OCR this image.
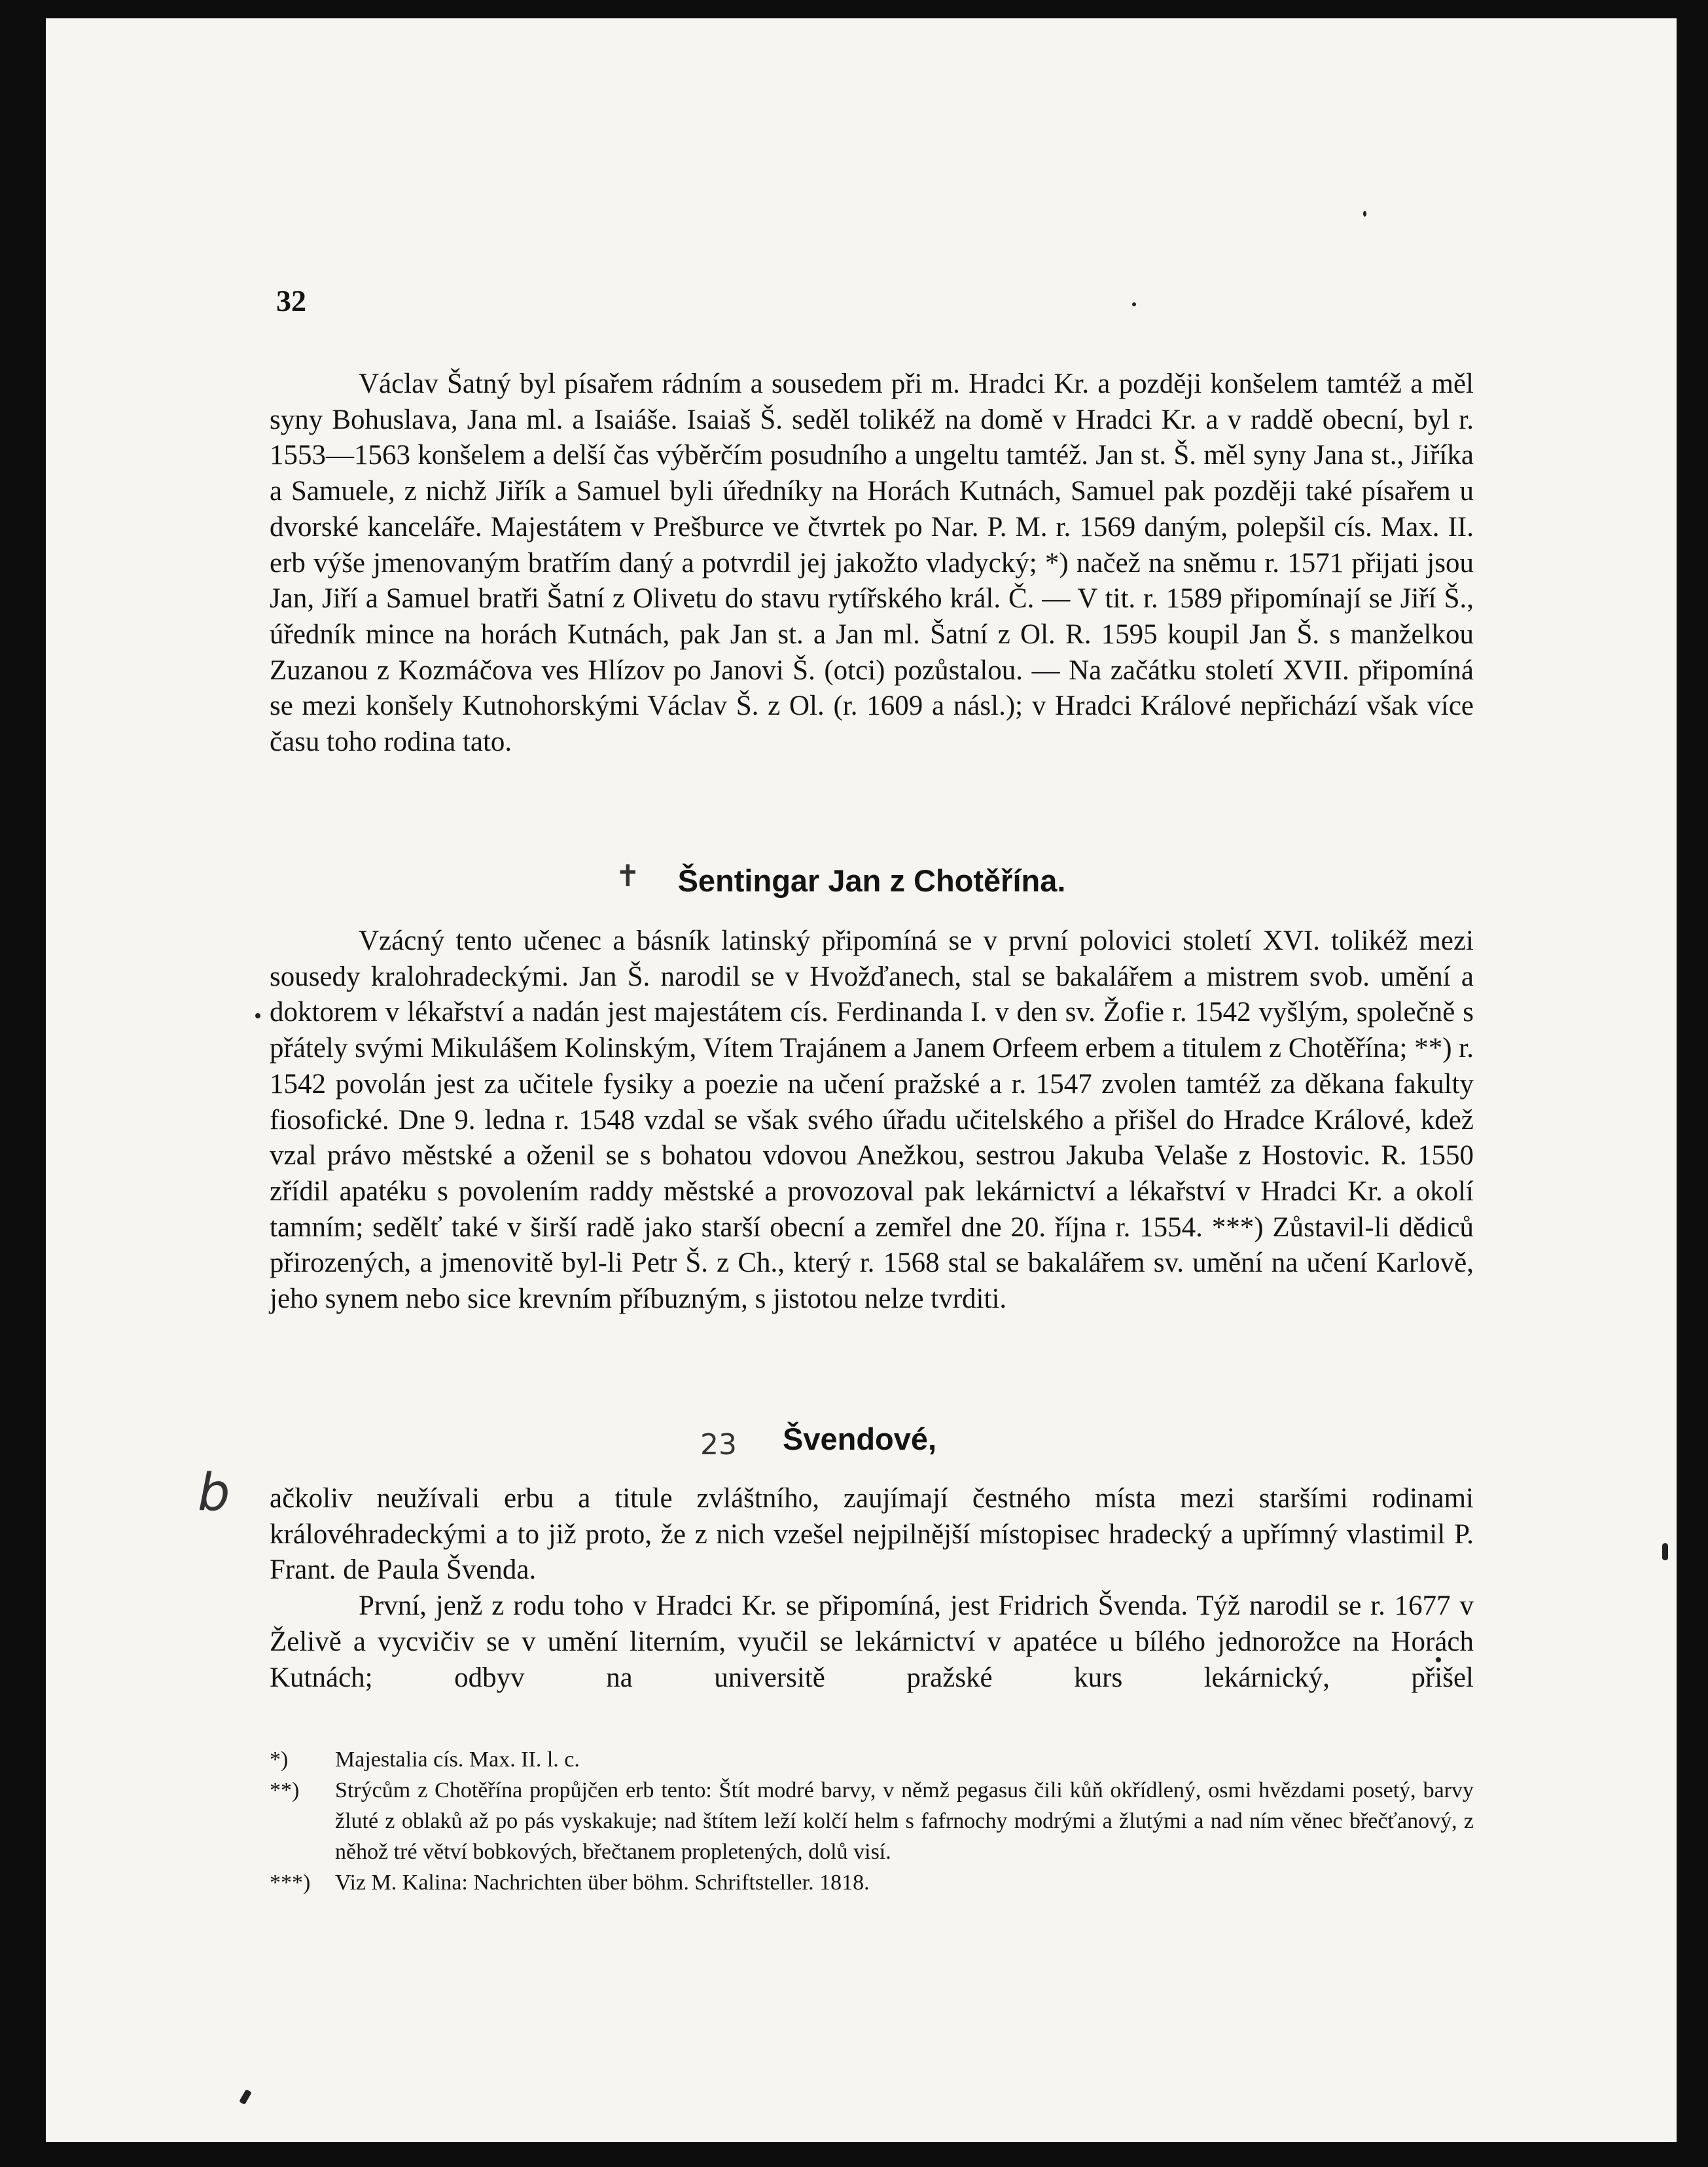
32

Václav Šatný byl písařem rádním a sousedem při m. Hradci Kr. a později konšelem tamtéž a měl syny Bohuslava, Jana ml. a Isaiáše. Isaiaš Š. seděl tolikéž na domě v Hradci Kr. a v raddě obecní, byl r. 1553—1563 konšelem a delší čas výběrčím posudního a ungeltu tamtéž. Jan st. Š. měl syny Jana st., Jiříka a Samuele, z nichž Jiřík a Samuel byli úředníky na Horách Kutnách, Samuel pak později také písařem u dvorské kanceláře. Majestátem v Prešburce ve čtvrtek po Nar. P. M. r. 1569 daným, polepšil cís. Max. II. erb výše jmenovaným bratřím daný a potvrdil jej jakožto vladycký; *) načež na sněmu r. 1571 přijati jsou Jan, Jiří a Samuel bratři Šatní z Olivetu do stavu rytířského král. Č. — V tit. r. 1589 připomínají se Jiří Š., úředník mince na horách Kutnách, pak Jan st. a Jan ml. Šatní z Ol. R. 1595 koupil Jan Š. s manželkou Zuzanou z Kozmáčova ves Hlízov po Janovi Š. (otci) pozůstalou. — Na začátku století XVII. připomíná se mezi konšely Kutnohorskými Václav Š. z Ol. (r. 1609 a násl.); v Hradci Králové nepřichází však více času toho rodina tato.

✝	Šentingar Jan z Chotěřína.

Vzácný tento učenec a básník latinský připomíná se v první polovici století XVI. tolikéž mezi sousedy kralohradeckými. Jan Š. narodil se v Hvožďanech, stal se bakalářem a mistrem svob. umění a doktorem v lékařství a nadán jest majestátem cís. Ferdinanda I. v den sv. Žofie r. 1542 vyšlým, společně s přátely svými Mikulášem Kolinským, Vítem Trajánem a Janem Orfeem erbem a titulem z Chotěřína; **) r. 1542 povolán jest za učitele fysiky a poezie na učení pražské a r. 1547 zvolen tamtéž za děkana fakulty fiosofické. Dne 9. ledna r. 1548 vzdal se však svého úřadu učitelského a přišel do Hradce Králové, kdež vzal právo městské a oženil se s bohatou vdovou Anežkou, sestrou Jakuba Velaše z Hostovic. R. 1550 zřídil apatéku s povolením raddy městské a provozoval pak lekárnictví a lékařství v Hradci Kr. a okolí tamním; sedělť také v širší radě jako starší obecní a zemřel dne 20. října r. 1554. ***) Zůstavil-li dědiců přirozených, a jmenovitě byl-li Petr Š. z Ch., který r. 1568 stal se bakalářem sv. umění na učení Karlově, jeho synem nebo sice krevním příbuzným, s jistotou nelze tvrditi.

23 Švendové,
b ačkoliv neužívali erbu a titule zvláštního, zaujímají čestného místa mezi staršími rodinami královéhradeckými a to již proto, že z nich vzešel nejpilnější místopisec hradecký a upřímný vlastimil P. Frant. de Paula Švenda.

První, jenž z rodu toho v Hradci Kr. se připomíná, jest Fridrich Švenda. Týž narodil se r. 1677 v Želivě a vycvičiv se v umění literním, vyučil se lekárnictví v apatéce u bílého jednorožce na Horách Kutnách; odbyv na universitě pražské kurs lekárnický, přišel

*) Majestalia cís. Max. II. l. c.

**) Strýcům z Chotěřína propůjčen erb tento: Štít modré barvy, v němž pegasus čili kůň okřídlený, osmi hvězdami posetý, barvy žluté z oblaků až po pás vyskakuje; nad štítem leží kolčí helm s fafrnochy modrými a žlutými a nad ním věnec břečťanový, z něhož tré větví bobkových, břečtanem propletených, dolů visí.

***) Viz M. Kalina: Nachrichten über böhm. Schriftsteller. 1818.
